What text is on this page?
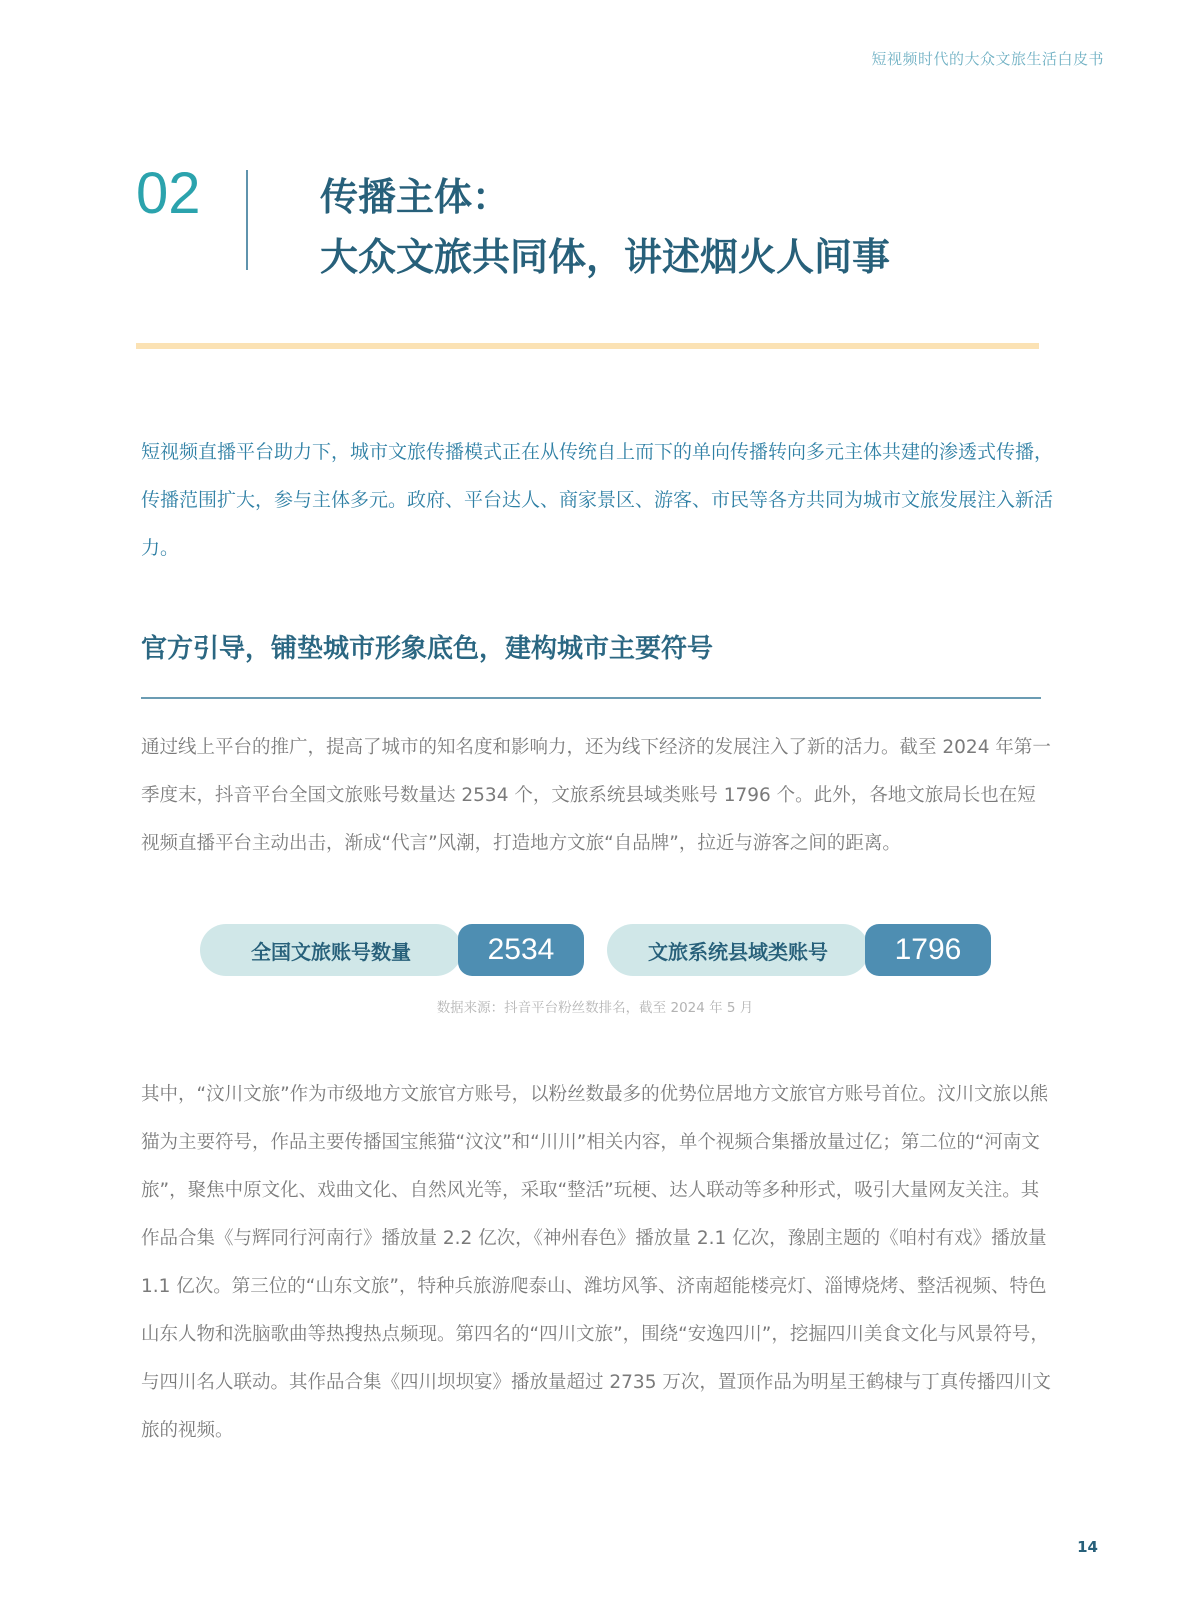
短视频时代的大众文旅生活白皮书
02	传播主体：
大众文旅共同体，讲述烟火人间事
短视频直播平台助力下，城市文旅传播模式正在从传统自上而下的单向传播转向多元主体共建的渗透式传播，传播范围扩大，参与主体多元。政府、平台达人、商家景区、游客、市民等各方共同为城市文旅发展注入新活力。
官方引导，铺垫城市形象底色，建构城市主要符号
通过线上平台的推广，提高了城市的知名度和影响力，还为线下经济的发展注入了新的活力。截至 2024 年第一季度末，抖音平台全国文旅账号数量达 2534 个，文旅系统县域类账号 1796 个。此外，各地文旅局长也在短视频直播平台主动出击，渐成“代言”风潮，打造地方文旅“自品牌”，拉近与游客之间的距离。
全国文旅账号数量	2534	文旅系统县域类账号	1796
数据来源：抖音平台粉丝数排名，截至 2024 年 5 月
其中，“汶川文旅”作为市级地方文旅官方账号，以粉丝数最多的优势位居地方文旅官方账号首位。汶川文旅以熊猫为主要符号，作品主要传播国宝熊猫“汶汶”和“川川”相关内容，单个视频合集播放量过亿；第二位的“河南文旅”，聚焦中原文化、戏曲文化、自然风光等，采取“整活”玩梗、达人联动等多种形式，吸引大量网友关注。其作品合集《与辉同行河南行》播放量 2.2 亿次，《神州春色》播放量 2.1 亿次，豫剧主题的《咱村有戏》播放量 1.1 亿次。第三位的“山东文旅”，特种兵旅游爬泰山、潍坊风筝、济南超能楼亮灯、淄博烧烤、整活视频、特色山东人物和洗脑歌曲等热搜热点频现。第四名的“四川文旅”，围绕“安逸四川”，挖掘四川美食文化与风景符号，与四川名人联动。其作品合集《四川坝坝宴》播放量超过 2735 万次，置顶作品为明星王鹤棣与丁真传播四川文旅的视频。
14
